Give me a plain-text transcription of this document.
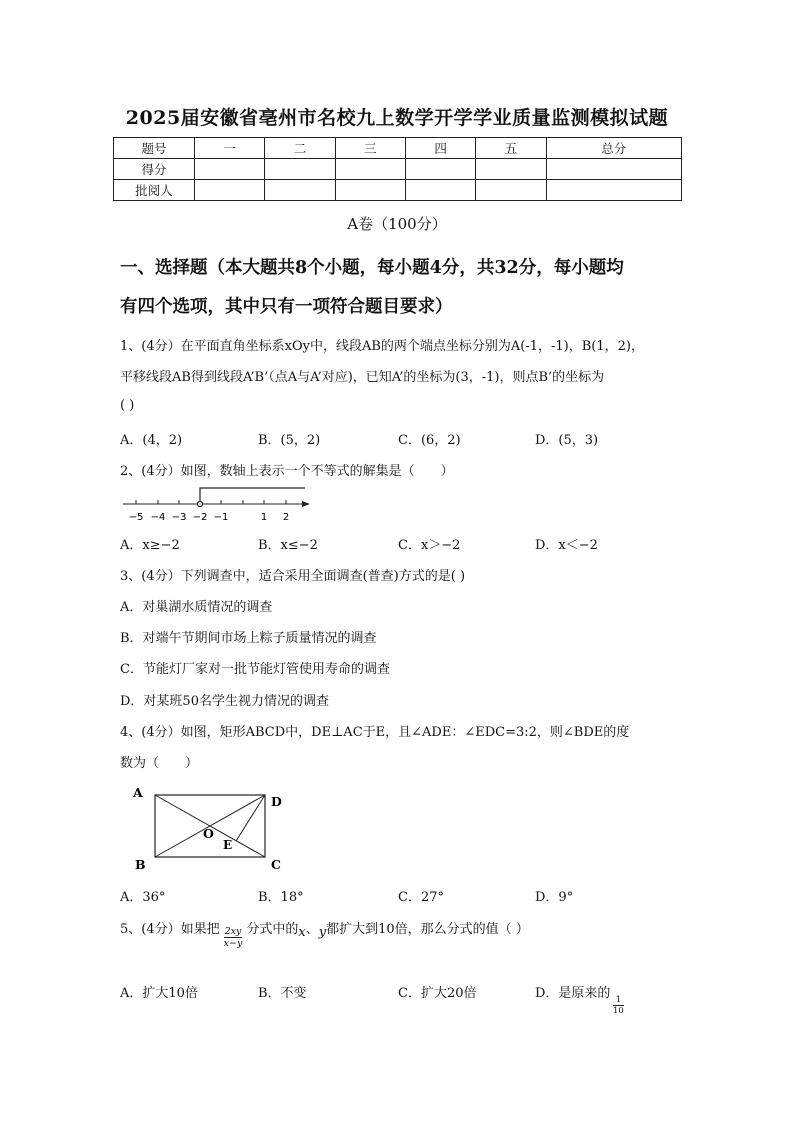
2025届安徽省亳州市名校九上数学开学学业质量监测模拟试题
题号	一	二	三	四	五	总分
得分						
批阅人						
A卷（100分）
一、选择题（本大题共8个小题，每小题4分，共32分，每小题均
有四个选项，其中只有一项符合题目要求）
1、(4分）在平面直角坐标系xOy中，线段AB的两个端点坐标分别为A(-1，-1)，B(1，2)，
平移线段AB得到线段A’B’（点A与A’对应)，已知A’的坐标为(3，-1)，则点B’的坐标为
( )
A．(4，2)	B．(5，2)	C．(6，2)	D．(5，3)
2、(4分）如图，数轴上表示一个不等式的解集是（　　）
−5 −4 −3 −2 −1	1 2
A．x≥−2	B．x≤−2	C．x＞−2	D．x＜−2
3、(4分）下列调查中，适合采用全面调查(普查)方式的是( )
A．对巢湖水质情况的调查
B．对端午节期间市场上粽子质量情况的调查
C．节能灯厂家对一批节能灯管使用寿命的调查
D．对某班50名学生视力情况的调查
4、(4分）如图，矩形ABCD中，DE⊥AC于E，且∠ADE：∠EDC=3:2，则∠BDE的度
数为（　　）
A
D
B	C
O
E
A．36°	B．18°	C．27°	D．9°
5、(4分）如果把 $\frac{2xy}{x-y}$ 分式中的x、y都扩大到10倍，那么分式的值（ ）
A．扩大10倍	B．不变	C．扩大20倍	D．是原来的
$\frac{1}{10}$
